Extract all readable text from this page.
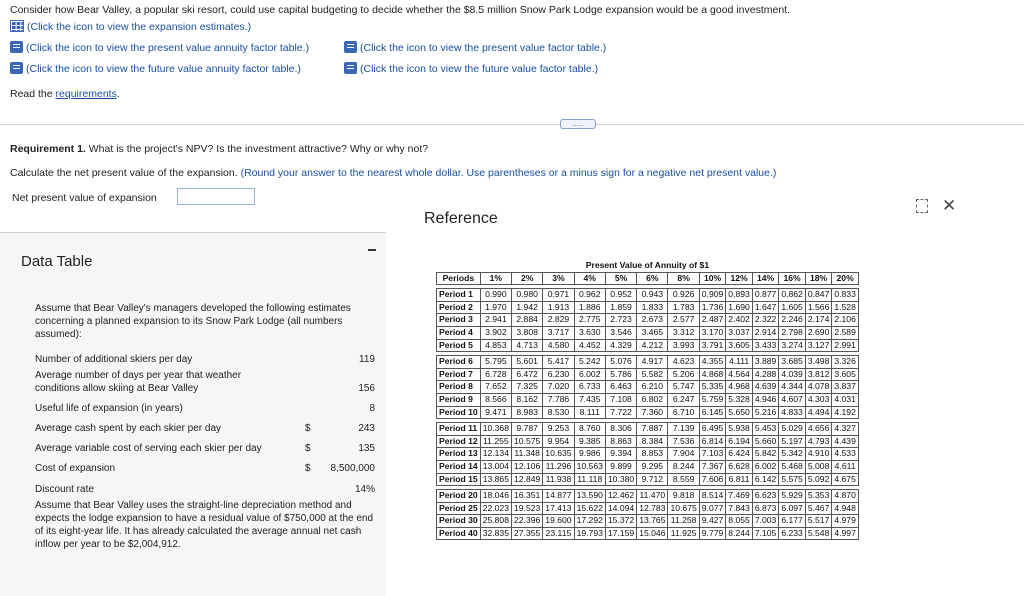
Consider how Bear Valley, a popular ski resort, could use capital budgeting to decide whether the $8.5 million Snow Park Lodge expansion would be a good investment.
(Click the icon to view the expansion estimates.)
(Click the icon to view the present value annuity factor table.)	(Click the icon to view the present value factor table.)
(Click the icon to view the future value annuity factor table.)	(Click the icon to view the future value factor table.)
Read the requirements.
.....
Requirement 1. What is the project's NPV? Is the investment attractive? Why or why not?
Calculate the net present value of the expansion. (Round your answer to the nearest whole dollar. Use parentheses or a minus sign for a negative net present value.)
Net present value of expansion
Reference
✕
Data Table
Assume that Bear Valley's managers developed the following estimates concerning a planned expansion to its Snow Park Lodge (all numbers assumed):
Number of additional skiers per day	119
Average number of days per year that weather
conditions allow skiing at Bear Valley	156
Useful life of expansion (in years)	8
Average cash spent by each skier per day	$	243
Average variable cost of serving each skier per day	$	135
Cost of expansion	$ 8,500,000
Discount rate	14%
Assume that Bear Valley uses the straight-line depreciation method and expects the lodge expansion to have a residual value of $750,000 at the end of its eight-year life. It has already calculated the average annual net cash inflow per year to be $2,004,912.
Present Value of Annuity of $1													
Periods	1%	2%	3%	4%	5%	6%	8%	10%	12%	14%	16%	18%	20%

Period 1	0.990	0.980	0.971	0.962	0.952	0.943	0.926	0.909	0.893	0.877	0.862	0.847	0.833
Period 2	1.970	1.942	1.913	1.886	1.859	1.833	1.783	1.736	1.690	1.647	1.605	1.566	1.528
Period 3	2.941	2.884	2.829	2.775	2.723	2.673	2.577	2.487	2.402	2.322	2.246	2.174	2.106
Period 4	3.902	3.808	3.717	3.630	3.546	3.465	3.312	3.170	3.037	2.914	2.798	2.690	2.589
Period 5	4.853	4.713	4.580	4.452	4.329	4.212	3.993	3.791	3.605	3.433	3.274	3.127	2.991

Period 6	5.795	5.601	5.417	5.242	5.076	4.917	4.623	4.355	4.111	3.889	3.685	3.498	3.326
Period 7	6.728	6.472	6.230	6.002	5.786	5.582	5.206	4.868	4.564	4.288	4.039	3.812	3.605
Period 8	7.652	7.325	7.020	6.733	6.463	6.210	5.747	5.335	4.968	4.639	4.344	4.078	3.837
Period 9	8.566	8.162	7.786	7.435	7.108	6.802	6.247	5.759	5.328	4.946	4.607	4.303	4.031
Period 10	9.471	8.983	8.530	8.111	7.722	7.360	6.710	6.145	5.650	5.216	4.833	4.494	4.192

Period 11	10.368	9.787	9.253	8.760	8.306	7.887	7.139	6.495	5.938	5.453	5.029	4.656	4.327
Period 12	11.255	10.575	9.954	9.385	8.863	8.384	7.536	6.814	6.194	5.660	5.197	4.793	4.439
Period 13	12.134	11.348	10.635	9.986	9.394	8.853	7.904	7.103	6.424	5.842	5.342	4.910	4.533
Period 14	13.004	12.106	11.296	10.563	9.899	9.295	8.244	7.367	6.628	6.002	5.468	5.008	4.611
Period 15	13.865	12.849	11.938	11.118	10.380	9.712	8.559	7.606	6.811	6.142	5.575	5.092	4.675

Period 20	18.046	16.351	14.877	13.590	12.462	11.470	9.818	8.514	7.469	6.623	5.929	5.353	4.870
Period 25	22.023	19.523	17.413	15.622	14.094	12.783	10.675	9.077	7.843	6.873	6.097	5.467	4.948
Period 30	25.808	22.396	19.600	17.292	15.372	13.765	11.258	9.427	8.055	7.003	6.177	5.517	4.979
Period 40	32.835	27.355	23.115	19.793	17.159	15.046	11.925	9.779	8.244	7.105	6.233	5.548	4.997
